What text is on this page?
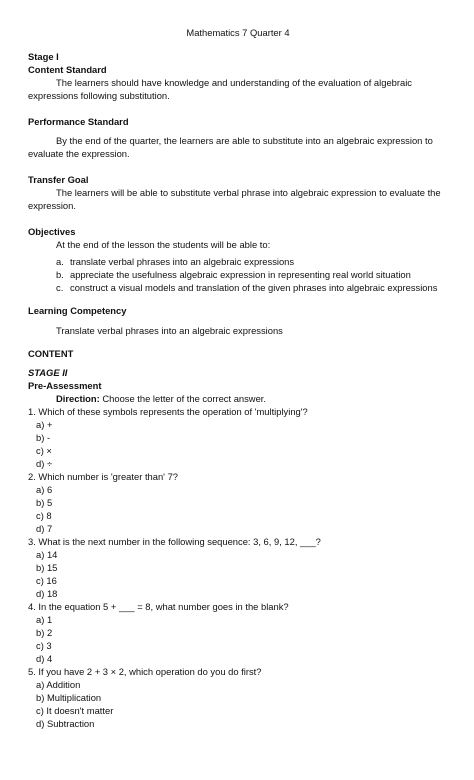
Mathematics 7 Quarter 4
Stage I
Content Standard

The learners should have knowledge and understanding of the evaluation of algebraic expressions following substitution.

Performance Standard

By the end of the quarter, the learners are able to substitute into an algebraic expression to evaluate the expression.

Transfer Goal

The learners will be able to substitute verbal phrase into algebraic expression to evaluate the expression.

Objectives

At the end of the lesson the students will be able to:

a. translate verbal phrases into an algebraic expressions
b. appreciate the usefulness algebraic expression in representing real world situation
c. construct a visual models and translation of the given phrases into algebraic expressions
Learning Competency

Translate verbal phrases into an algebraic expressions

CONTENT
STAGE II
Pre-Assessment

Direction: Choose the letter of the correct answer.

1. Which of these symbols represents the operation of 'multiplying'?

a) +

b) -

c) ×

d) ÷

2. Which number is 'greater than' 7?

a) 6

b) 5

c) 8

d) 7

3. What is the next number in the following sequence: 3, 6, 9, 12, ___?

a) 14

b) 15

c) 16

d) 18

4. In the equation 5 + ___ = 8, what number goes in the blank?

a) 1

b) 2

c) 3

d) 4

5. If you have 2 + 3 × 2, which operation do you do first?

a) Addition

b) Multiplication

c) It doesn't matter

d) Subtraction
